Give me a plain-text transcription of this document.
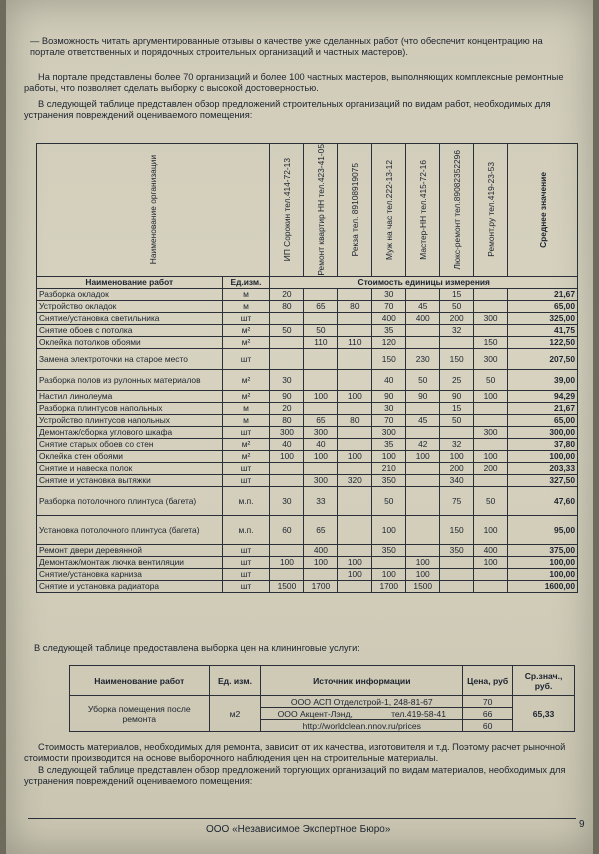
— Возможность читать аргументированные отзывы о качестве уже сделанных работ (что обеспечит концентрацию на портале ответственных и порядочных строительных организаций и частных мастеров).

На портале представлены более 70 организаций и более 100 частных мастеров, выполняющих комплексные ремонтные работы, что позволяет сделать выборку с высокой достоверностью.

В следующей таблице представлен обзор предложений строительных организаций по видам работ, необходимых для устранения повреждений оцениваемого помещения:

Наименование организации		ИП Сорокин тел.414-72-13	Ремонт квартир НН тел.423-41-05	Рекза тел. 89108919075	Муж на час тел.222-13-12	Мастер-НН тел.415-72-16	Люкс-ремонт тел.89082352296	Ремонт.ру тел.419-23-53	Среднее значение

Наименование работ	Ед.изм.	Стоимость единицы измерения							
Разборка окладок	м	20			30		15		21,67
Устройство окладок	м	80	65	80	70	45	50		65,00
Снятие/установка светильника	шт				400	400	200	300	325,00
Снятие обоев с потолка	м²	50	50		35		32		41,75
Оклейка потолков обоями	м²		110	110	120			150	122,50
Замена электроточки на старое место	шт				150	230	150	300	207,50
Разборка полов из рулонных материалов	м²	30			40	50	25	50	39,00
Настил линолеума	м²	90	100	100	90	90	90	100	94,29
Разборка плинтусов напольных	м	20			30		15		21,67
Устройство плинтусов напольных	м	80	65	80	70	45	50		65,00
Демонтаж/сборка углового шкафа	шт	300	300		300			300	300,00
Снятие старых обоев со стен	м²	40	40		35	42	32		37,80
Оклейка стен обоями	м²	100	100	100	100	100	100	100	100,00
Снятие и навеска полок	шт				210		200	200	203,33
Снятие и установка вытяжки	шт		300	320	350		340		327,50
Разборка потолочного плинтуса (багета)	м.п.	30	33		50		75	50	47,60
Установка потолочного плинтуса (багета)	м.п.	60	65		100		150	100	95,00
Ремонт двери деревянной	шт		400		350		350	400	375,00
Демонтаж/монтаж лючка вентиляции	шт	100	100	100		100		100	100,00
Снятие/установка карниза	шт			100	100	100			100,00
Снятие и установка радиатора	шт	1500	1700		1700	1500			1600,00

В следующей таблице предоставлена выборка цен на клининговые услуги:

Наименование работ	Ед. изм.	Источник информации	Цена, руб	Ср.знач., руб.
Уборка помещения после ремонта	м2	ООО АСП Отделстрой-1, 248-81-67	70	65,33
		ООО Акцент-Лэнд,                тел.419-58-41	66	
		http://worldclean.nnov.ru/prices	60	

Стоимость материалов, необходимых для ремонта, зависит от их качества, изготовителя и т.д. Поэтому расчет рыночной стоимости производится на основе выборочного наблюдения цен на строительные материалы.

В следующей таблице представлен обзор предложений торгующих организаций по видам материалов, необходимых для устранения повреждений оцениваемого помещения:

ООО «Независимое Экспертное Бюро»	9
